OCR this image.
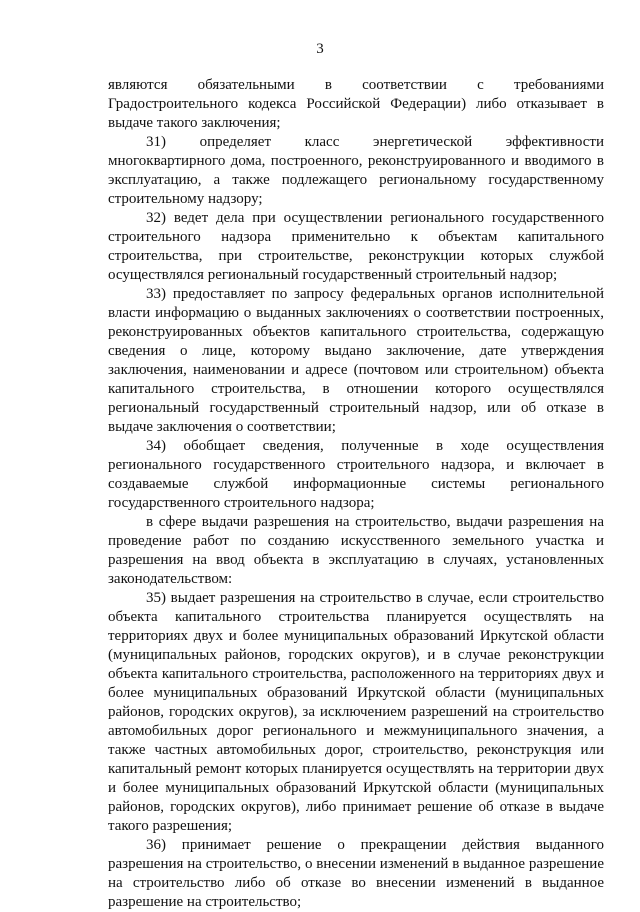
3

являются обязательными в соответствии с требованиями Градостроительного кодекса Российской Федерации) либо отказывает в выдаче такого заключения;

31) определяет класс энергетической эффективности многоквартирного дома, построенного, реконструированного и вводимого в эксплуатацию, а также подлежащего региональному государственному строительному надзору;

32) ведет дела при осуществлении регионального государственного строительного надзора применительно к объектам капитального строительства, при строительстве, реконструкции которых службой осуществлялся региональный государственный строительный надзор;

33) предоставляет по запросу федеральных органов исполнительной власти информацию о выданных заключениях о соответствии построенных, реконструированных объектов капитального строительства, содержащую сведения о лице, которому выдано заключение, дате утверждения заключения, наименовании и адресе (почтовом или строительном) объекта капитального строительства, в отношении которого осуществлялся региональный государственный строительный надзор, или об отказе в выдаче заключения о соответствии;

34) обобщает сведения, полученные в ходе осуществления регионального государственного строительного надзора, и включает в создаваемые службой информационные системы регионального государственного строительного надзора;

в сфере выдачи разрешения на строительство, выдачи разрешения на проведение работ по созданию искусственного земельного участка и разрешения на ввод объекта в эксплуатацию в случаях, установленных законодательством:

35) выдает разрешения на строительство в случае, если строительство объекта капитального строительства планируется осуществлять на территориях двух и более муниципальных образований Иркутской области (муниципальных районов, городских округов), и в случае реконструкции объекта капитального строительства, расположенного на территориях двух и более муниципальных образований Иркутской области (муниципальных районов, городских округов), за исключением разрешений на строительство автомобильных дорог регионального и межмуниципального значения, а также частных автомобильных дорог, строительство, реконструкция или капитальный ремонт которых планируется осуществлять на территории двух и более муниципальных образований Иркутской области (муниципальных районов, городских округов), либо принимает решение об отказе в выдаче такого разрешения;

36) принимает решение о прекращении действия выданного разрешения на строительство, о внесении изменений в выданное разрешение на строительство либо об отказе во внесении изменений в выданное разрешение на строительство;
